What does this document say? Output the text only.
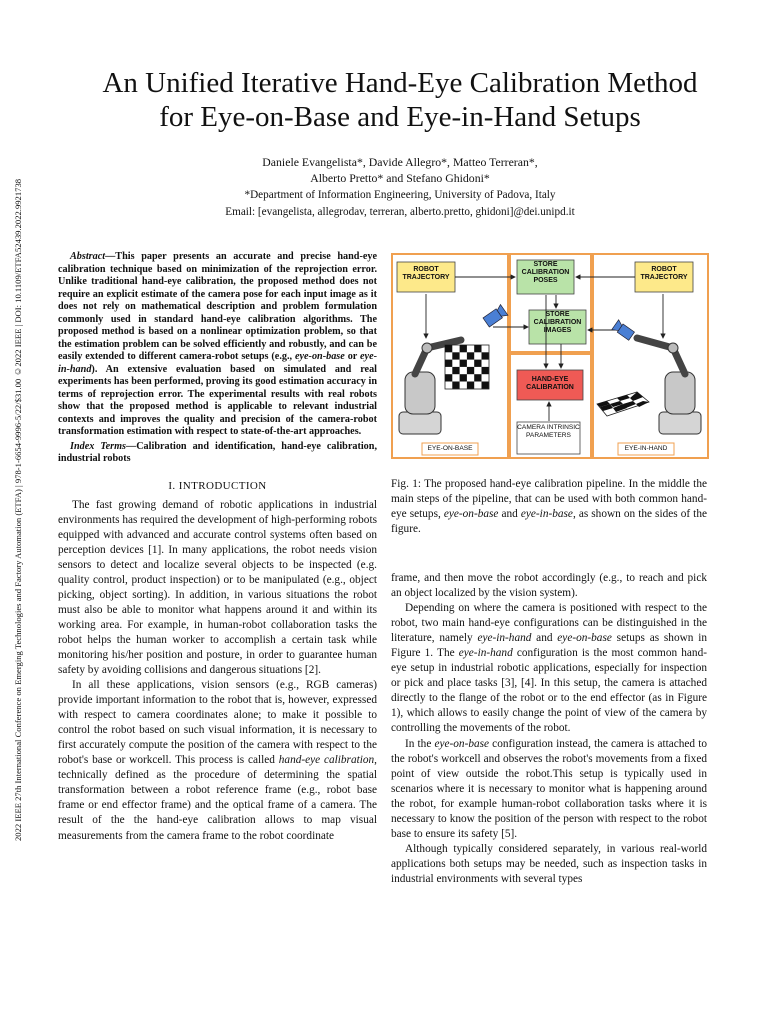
2022 IEEE 27th International Conference on Emerging Technologies and Factory Automation (ETFA) | 978-1-6654-9996-5/22/$31.00 ©2022 IEEE | DOI: 10.1109/ETFA52439.2022.9921738
An Unified Iterative Hand-Eye Calibration Method
for Eye-on-Base and Eye-in-Hand Setups
Daniele Evangelista*, Davide Allegro*, Matteo Terreran*,
Alberto Pretto* and Stefano Ghidoni*
*Department of Information Engineering, University of Padova, Italy
Email: [evangelista, allegrodav, terreran, alberto.pretto, ghidoni]@dei.unipd.it

Abstract—This paper presents an accurate and precise hand-eye calibration technique based on minimization of the reprojection error. Unlike traditional hand-eye calibration, the proposed method does not require an explicit estimate of the camera pose for each input image as it does not rely on mathematical description and problem formulation commonly used in standard hand-eye calibration algorithms. The proposed method is based on a nonlinear optimization problem, so that the estimation problem can be solved efficiently and robustly, and can be easily extended to different camera-robot setups (e.g., eye-on-base or eye-in-hand). An extensive evaluation based on simulated and real experiments has been performed, proving its good estimation accuracy in terms of reprojection error. The experimental results with real robots show that the proposed method is applicable to relevant industrial contexts and improves the quality and precision of the camera-robot transformation estimation with respect to state-of-the-art approaches.

Index Terms—Calibration and identification, hand-eye calibration, industrial robots

I. INTRODUCTION

The fast growing demand of robotic applications in industrial environments has required the development of high-performing robots equipped with advanced and accurate control systems often based on perception devices [1]. In many applications, the robot needs vision sensors to detect and localize several objects to be inspected (e.g. quality control, product inspection) or to be manipulated (e.g., object picking, object sorting). In addition, in various situations the robot must also be able to monitor what happens around it and within its working area. For example, in human-robot collaboration tasks the robot helps the human worker to accomplish a certain task while monitoring his/her position and posture, in order to guarantee human safety by avoiding collisions and dangerous situations [2].

In all these applications, vision sensors (e.g., RGB cameras) provide important information to the robot that is, however, expressed with respect to camera coordinates alone; to make it possible to control the robot based on such visual information, it is necessary to first accurately compute the position of the camera with respect to the robot's base or workcell. This process is called hand-eye calibration, technically defined as the procedure of determining the spatial transformation between a robot reference frame (e.g., robot base frame or end effector frame) and the optical frame of a camera. The result of the the hand-eye calibration allows to map visual measurements from the camera frame to the robot coordinate

ROBOT TRAJECTORY
ROBOT TRAJECTORY
STORE CALIBRATION POSES
STORE CALIBRATION IMAGES
HAND-EYE CALIBRATION
CAMERA INTRINSIC PARAMETERS
EYE-ON-BASE	EYE-IN-HAND

Fig. 1: The proposed hand-eye calibration pipeline. In the middle the main steps of the pipeline, that can be used with both common hand-eye setups, eye-on-base and eye-in-base, as shown on the sides of the figure.

frame, and then move the robot accordingly (e.g., to reach and pick an object localized by the vision system).

Depending on where the camera is positioned with respect to the robot, two main hand-eye configurations can be distinguished in the literature, namely eye-in-hand and eye-on-base setups as shown in Figure 1. The eye-in-hand configuration is the most common hand-eye setup in industrial robotic applications, especially for inspection or pick and place tasks [3], [4]. In this setup, the camera is attached directly to the flange of the robot or to the end effector (as in Figure 1), which allows to easily change the point of view of the camera by controlling the movements of the robot.

In the eye-on-base configuration instead, the camera is attached to the robot's workcell and observes the robot's movements from a fixed point of view outside the robot.This setup is typically used in scenarios where it is necessary to monitor what is happening around the robot, for example human-robot collaboration tasks where it is necessary to know the position of the person with respect to the robot base to ensure its safety [5].

Although typically considered separately, in various real-world applications both setups may be needed, such as inspection tasks in industrial environments with several types
